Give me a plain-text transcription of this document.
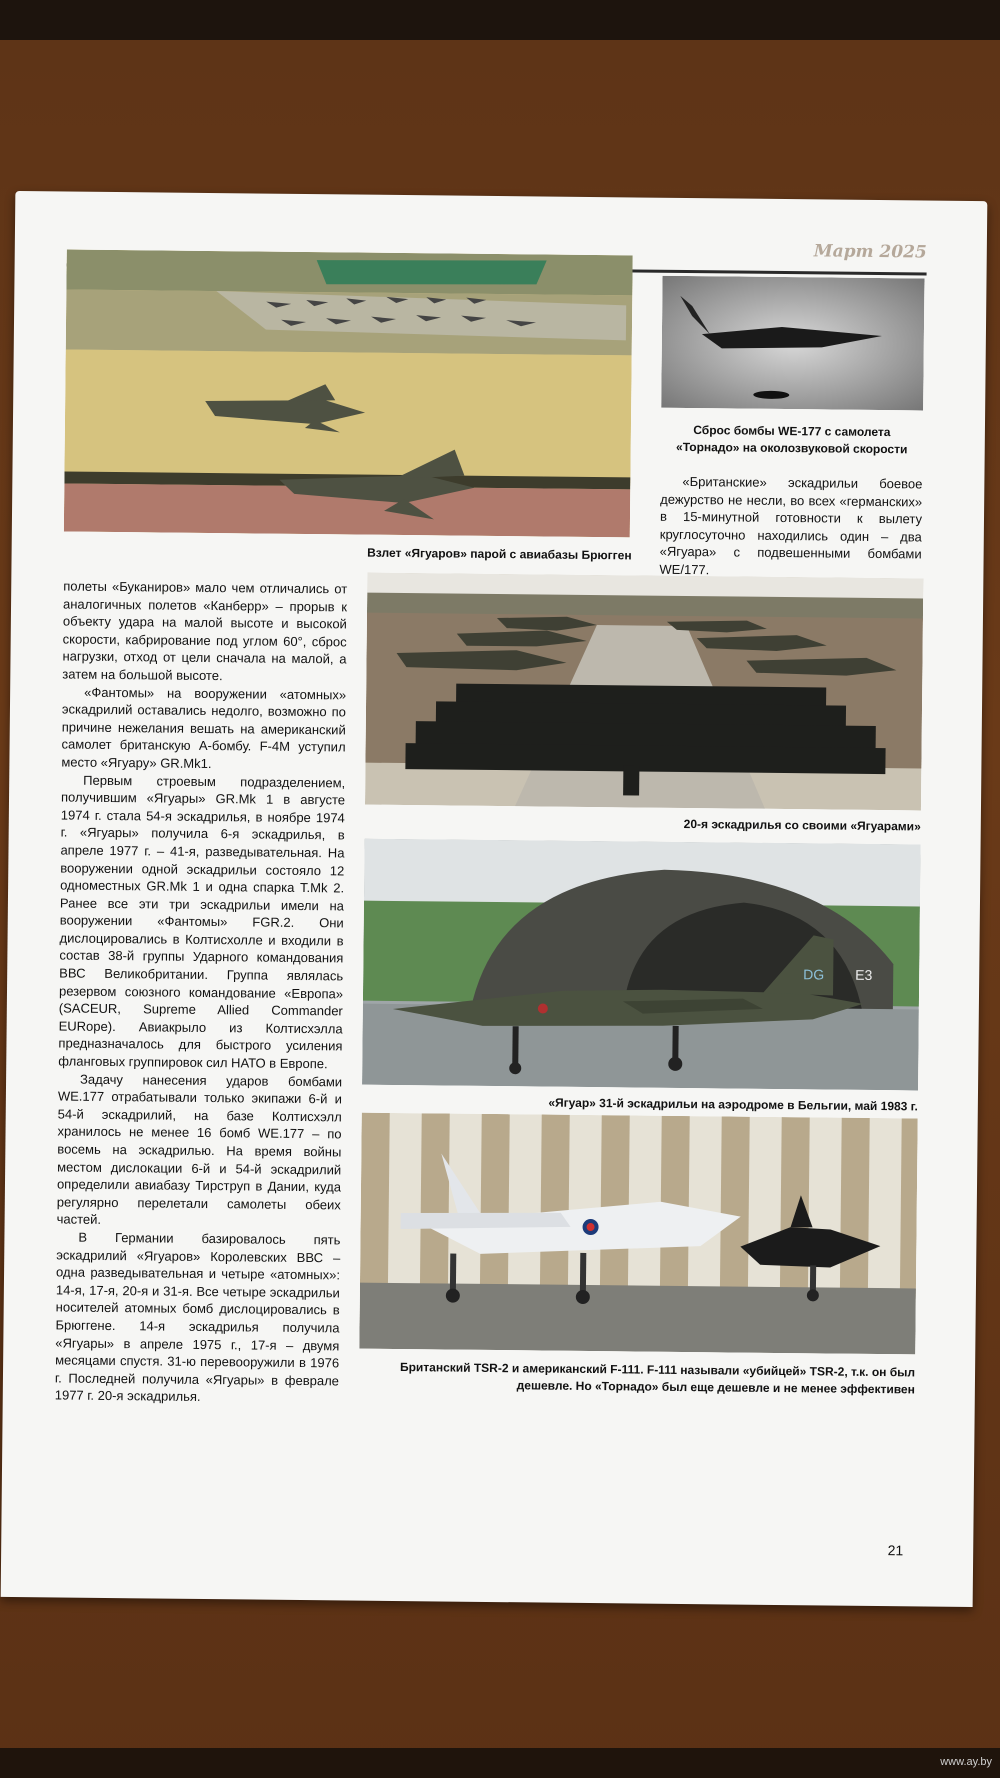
Март 2025
Взлет «Ягуаров» парой с авиабазы Брюгген
Сброс бомбы WE-177 с самолета «Торнадо» на околозвуковой скорости

«Британские» эскадрильи боевое дежурство не несли, во всех «германских» в 15-минутной готовности к вылету круглосуточно находились один – два «Ягуара» с подвешенными бомбами WE/177.

полеты «Буканиров» мало чем отличались от аналогичных полетов «Канберр» – прорыв к объекту удара на малой высоте и высокой скорости, кабрирование под углом 60°, сброс нагрузки, отход от цели сначала на малой, а затем на большой высоте.

«Фантомы» на вооружении «атомных» эскадрилий оставались недолго, возможно по причине нежелания вешать на американский самолет британскую А-бомбу. F-4M уступил место «Ягуару» GR.Mk1.

Первым строевым подразделением, получившим «Ягуары» GR.Mk 1 в августе 1974 г. стала 54-я эскадрилья, в ноябре 1974 г. «Ягуары» получила 6-я эскадрилья, в апреле 1977 г. – 41-я, разведывательная. На вооружении одной эскадрильи состояло 12 одноместных GR.Mk 1 и одна спарка T.Mk 2. Ранее все эти три эскадрильи имели на вооружении «Фантомы» FGR.2. Они дислоцировались в Колтисхолле и входили в состав 38-й группы Ударного командования ВВС Великобритании. Группа являлась резервом союзного командование «Европа» (SACEUR, Supreme Allied Commander EURope). Авиакрыло из Колтисхэлла предназначалось для быстрого усиления фланговых группировок сил НАТО в Европе.

Задачу нанесения ударов бомбами WE.177 отрабатывали только экипажи 6-й и 54-й эскадрилий, на базе Колтисхэлл хранилось не менее 16 бомб WE.177 – по восемь на эскадрилью. На время войны местом дислокации 6-й и 54-й эскадрилий определили авиабазу Тирструп в Дании, куда регулярно перелетали самолеты обеих частей.

В Германии базировалось пять эскадрилий «Ягуаров» Королевских ВВС – одна разведывательная и четыре «атомных»: 14-я, 17-я, 20-я и 31-я. Все четыре эскадрильи носителей атомных бомб дислоцировались в Брюггене. 14-я эскадрилья получила «Ягуары» в апреле 1975 г., 17-я – двумя месяцами спустя. 31-ю перевооружили в 1976 г. Последней получила «Ягуары» в феврале 1977 г. 20-я эскадрилья.

20-я эскадрилья со своими «Ягуарами»
E3
DG
«Ягуар» 31-й эскадрильи на аэродроме в Бельгии, май 1983 г.
Британский TSR-2 и американский F-111. F-111 называли «убийцей» TSR-2, т.к. он был дешевле. Но «Торнадо» был еще дешевле и не менее эффективен
21
www.ay.by
